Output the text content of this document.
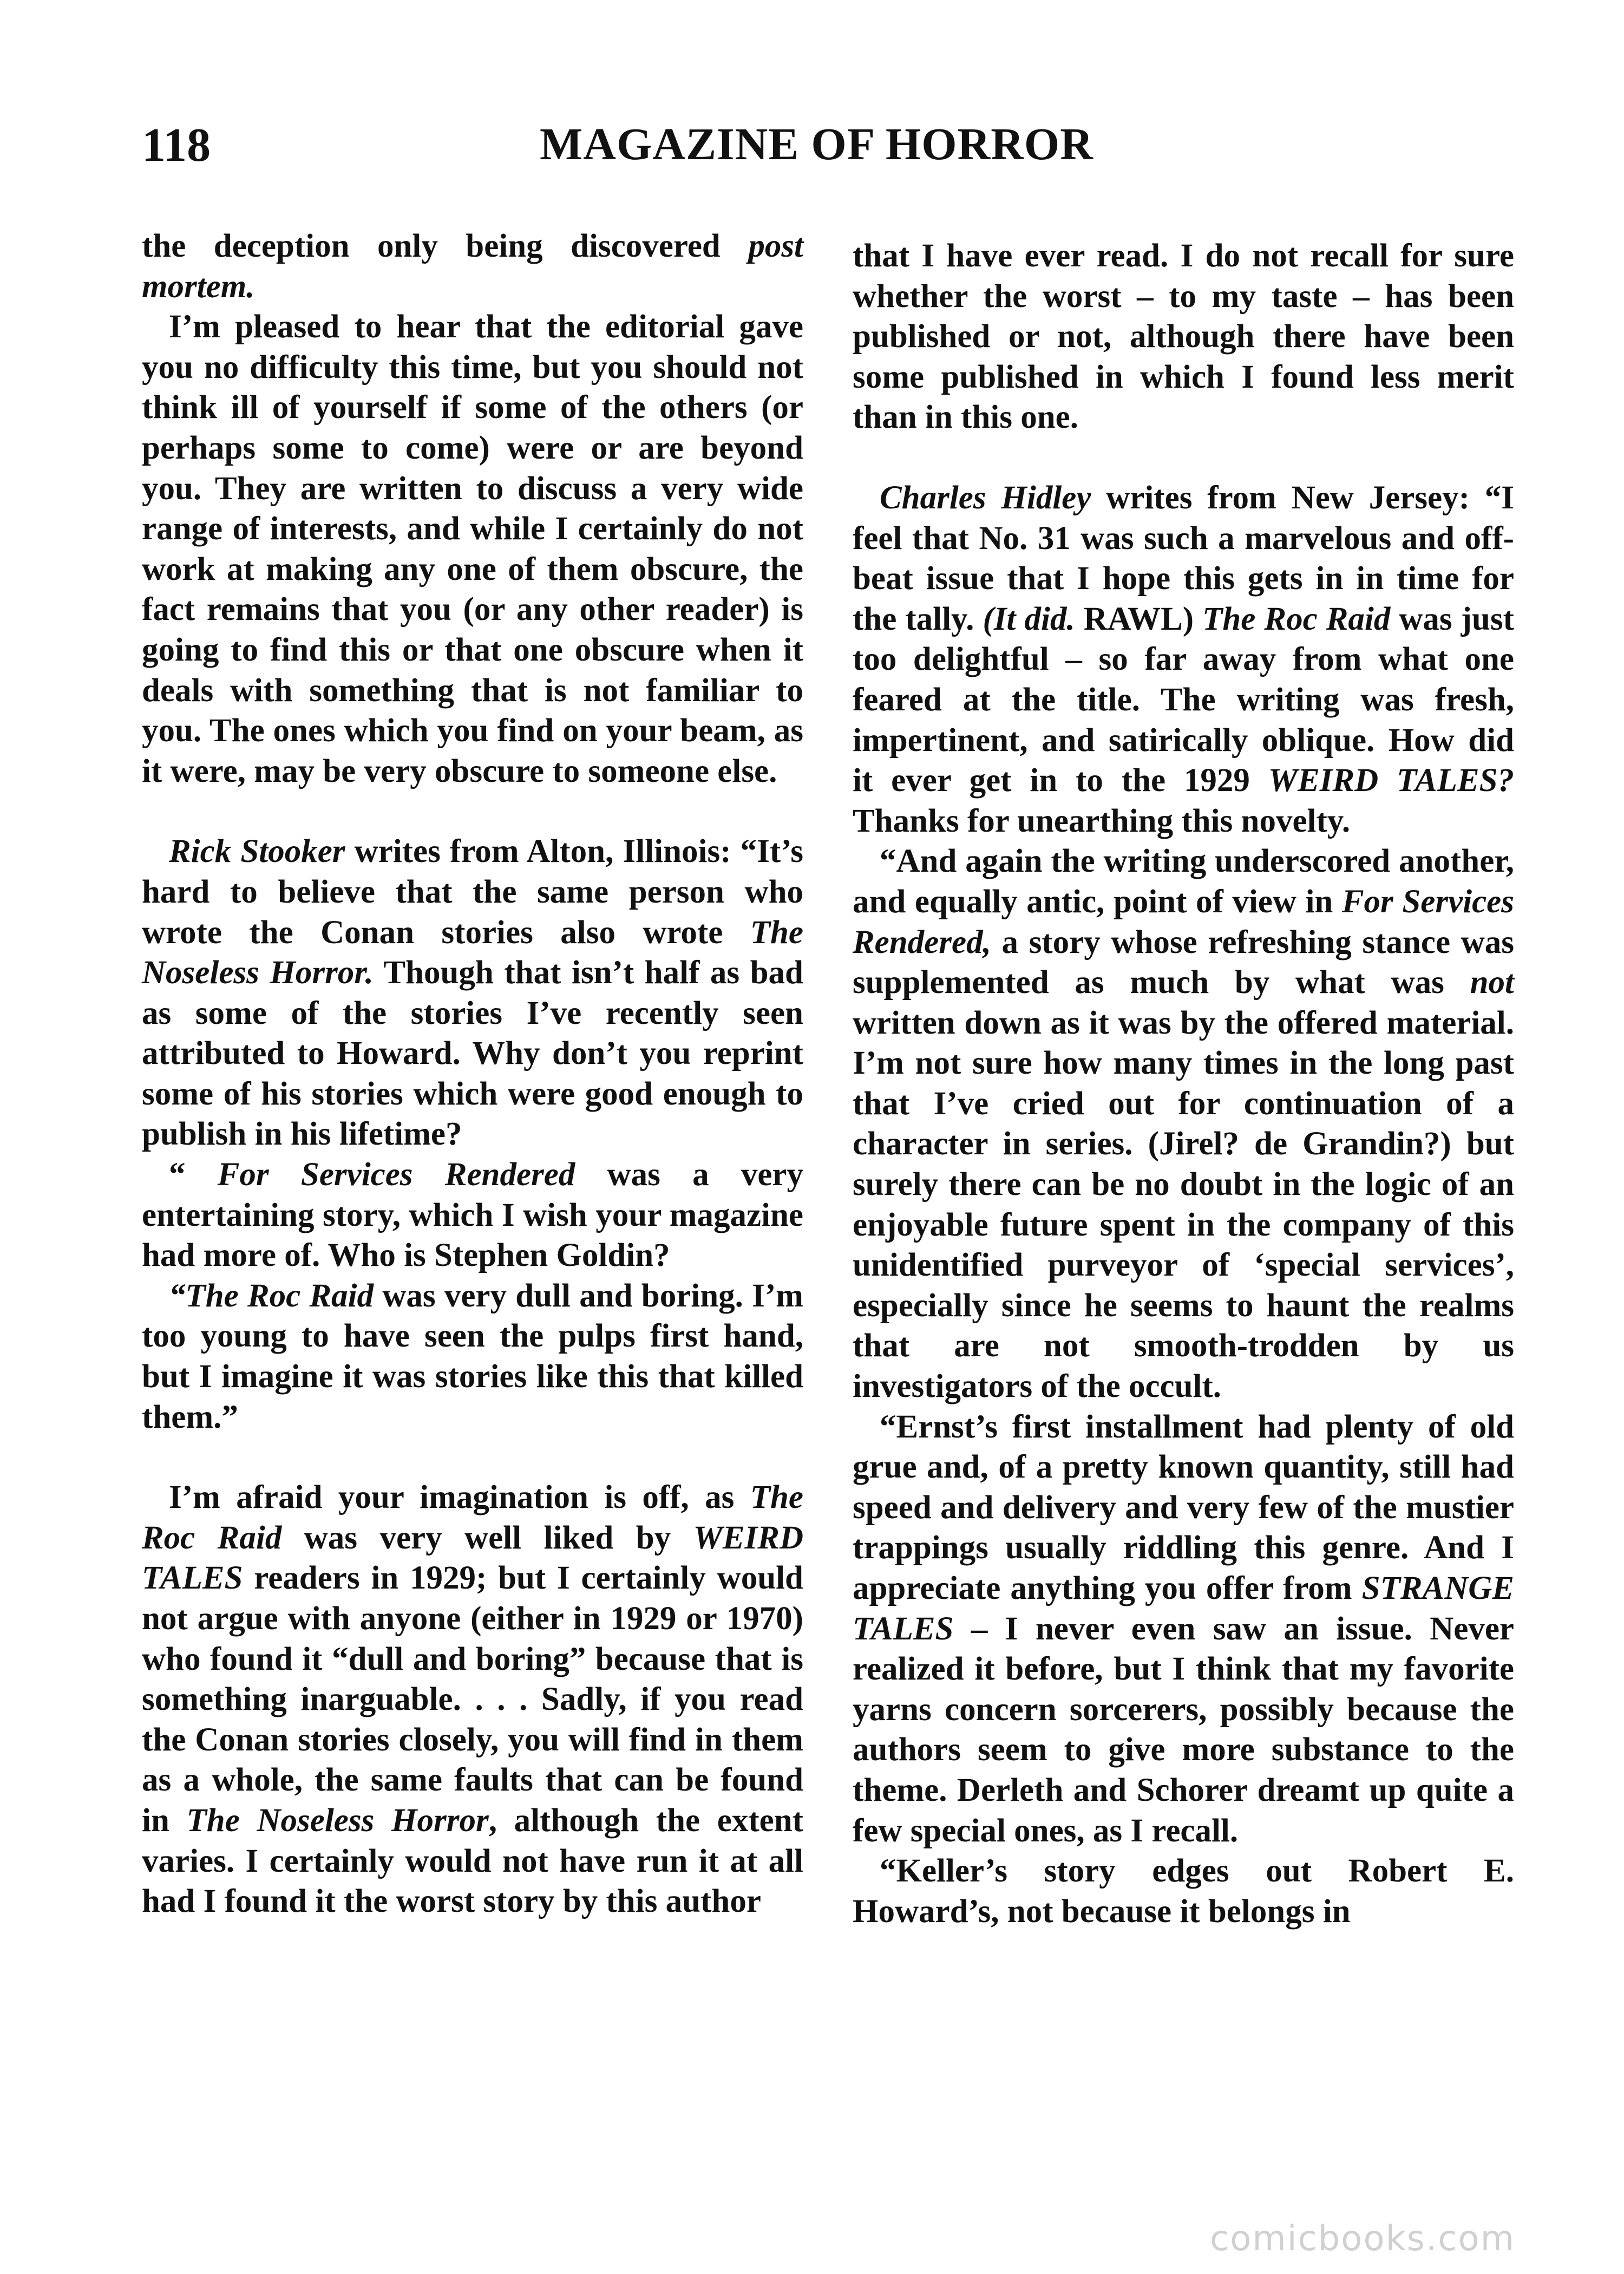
118	MAGAZINE OF HORROR

the deception only being discovered post mortem.

I’m pleased to hear that the editorial gave you no difficulty this time, but you should not think ill of yourself if some of the others (or perhaps some to come) were or are beyond you. They are written to discuss a very wide range of interests, and while I certainly do not work at making any one of them obscure, the fact remains that you (or any other reader) is going to find this or that one obscure when it deals with something that is not familiar to you. The ones which you find on your beam, as it were, may be very obscure to someone else.

Rick Stooker writes from Alton, Illinois: “It’s hard to believe that the same person who wrote the Conan stories also wrote The Noseless Horror. Though that isn’t half as bad as some of the stories I’ve recently seen attributed to Howard. Why don’t you reprint some of his stories which were good enough to publish in his lifetime?

“ For Services Rendered was a very entertaining story, which I wish your magazine had more of. Who is Stephen Goldin?

“The Roc Raid was very dull and boring. I’m too young to have seen the pulps first hand, but I imagine it was stories like this that killed them.”

I’m afraid your imagination is off, as The Roc Raid was very well liked by WEIRD TALES readers in 1929; but I certainly would not argue with anyone (either in 1929 or 1970) who found it “dull and boring” because that is something inarguable. . . . Sadly, if you read the Conan stories closely, you will find in them as a whole, the same faults that can be found in The Noseless Horror, although the extent varies. I certainly would not have run it at all had I found it the worst story by this author

that I have ever read. I do not recall for sure whether the worst – to my taste – has been published or not, although there have been some published in which I found less merit than in this one.

Charles Hidley writes from New Jersey: “I feel that No. 31 was such a marvelous and off-beat issue that I hope this gets in in time for the tally. (It did. RAWL) The Roc Raid was just too delightful – so far away from what one feared at the title. The writing was fresh, impertinent, and satirically oblique. How did it ever get in to the 1929 WEIRD TALES? Thanks for unearthing this novelty.

“And again the writing underscored another, and equally antic, point of view in For Services Rendered, a story whose refreshing stance was supplemented as much by what was not written down as it was by the offered material. I’m not sure how many times in the long past that I’ve cried out for continuation of a character in series. (Jirel? de Grandin?) but surely there can be no doubt in the logic of an enjoyable future spent in the company of this unidentified purveyor of ‘special services’, especially since he seems to haunt the realms that are not smooth-trodden by us investigators of the occult.

“Ernst’s first installment had plenty of old grue and, of a pretty known quantity, still had speed and delivery and very few of the mustier trappings usually riddling this genre. And I appreciate anything you offer from STRANGE TALES – I never even saw an issue. Never realized it before, but I think that my favorite yarns concern sorcerers, possibly because the authors seem to give more substance to the theme. Derleth and Schorer dreamt up quite a few special ones, as I recall.

“Keller’s story edges out Robert E. Howard’s, not because it belongs in

comicbooks.com
